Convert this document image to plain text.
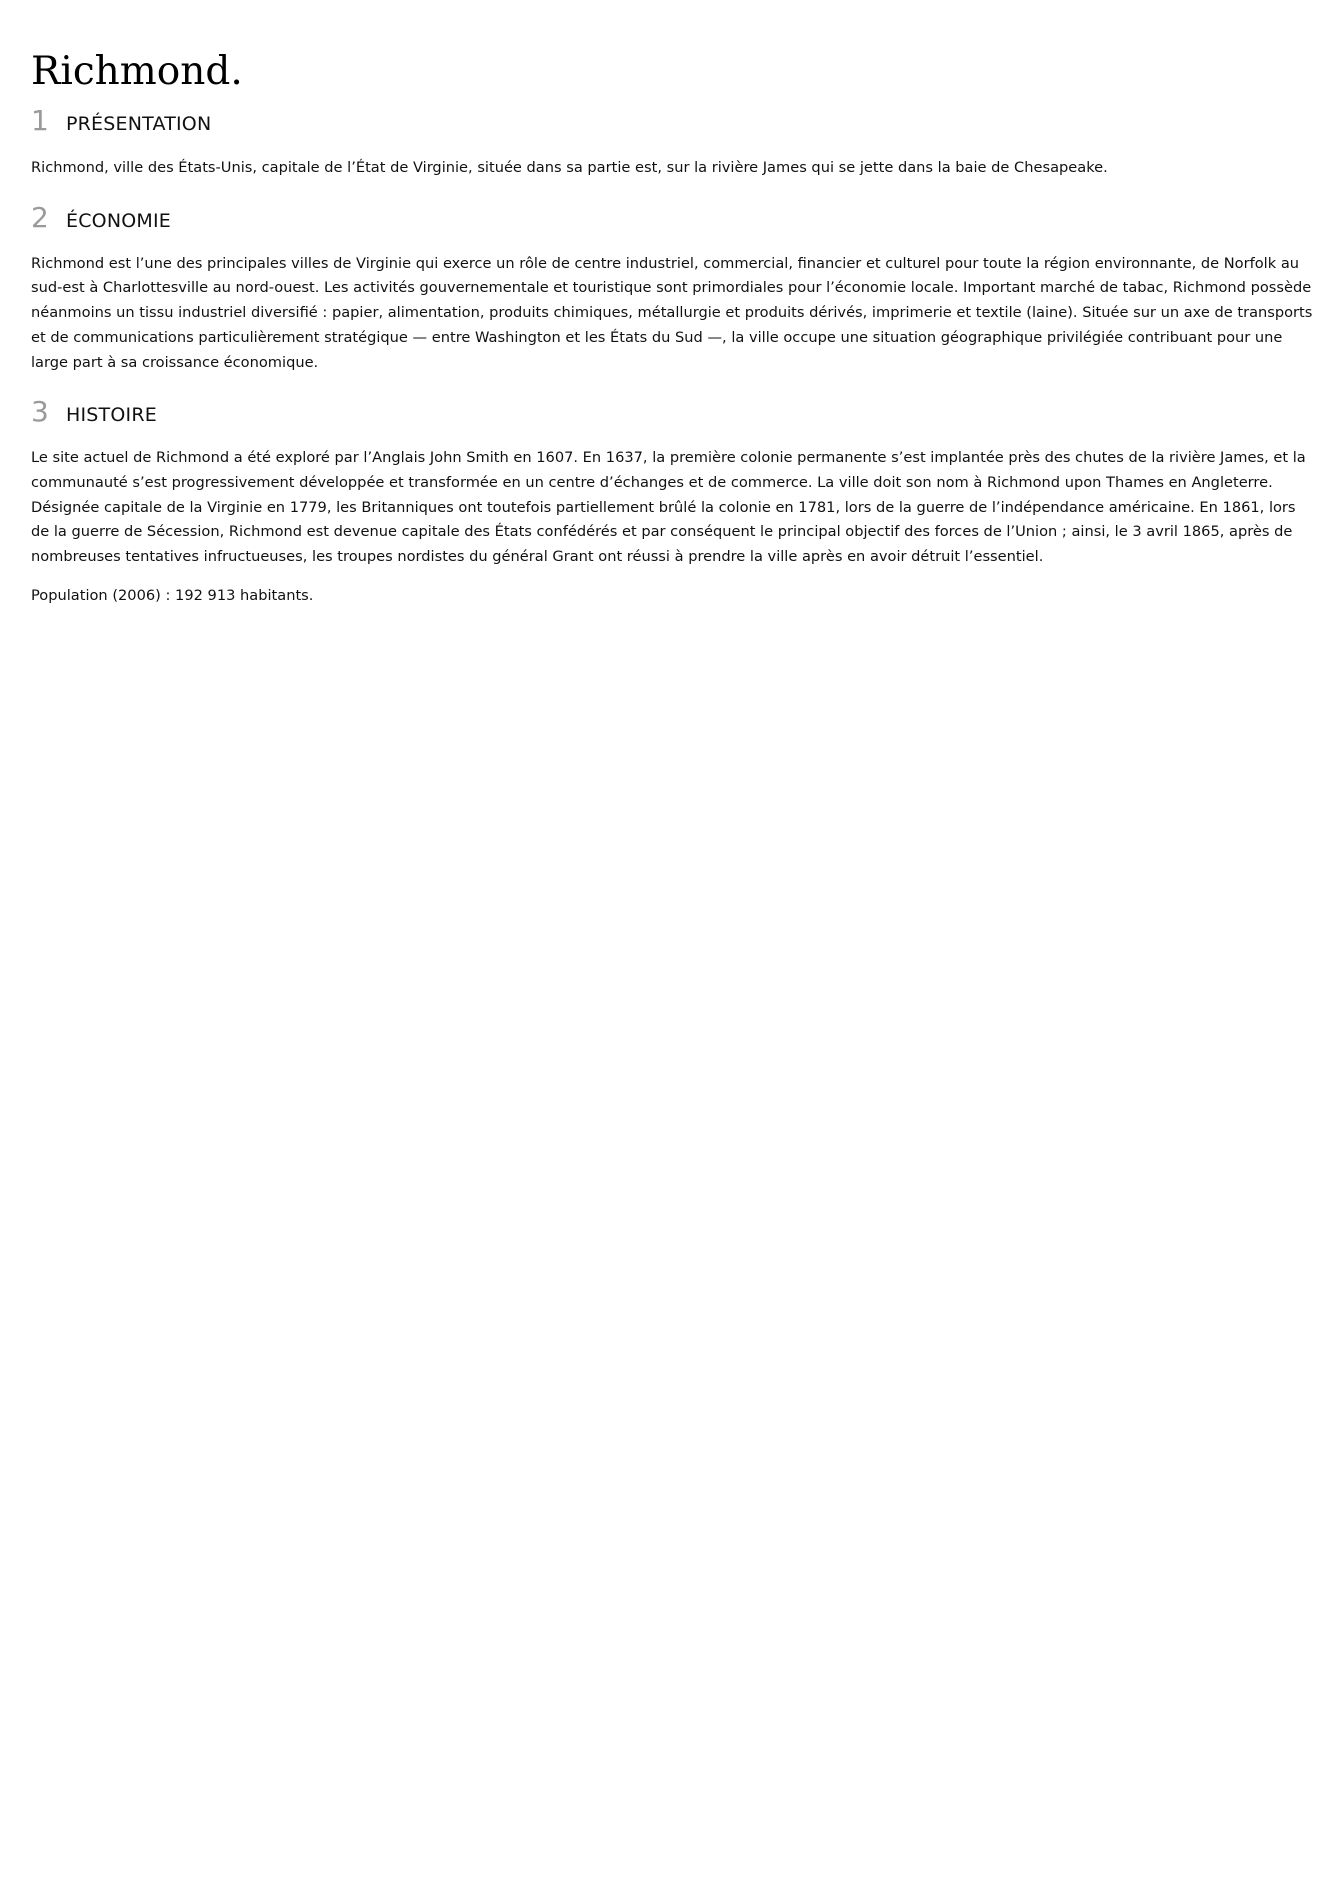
Richmond.
1 PRÉSENTATION

Richmond, ville des États-Unis, capitale de l’État de Virginie, située dans sa partie est, sur la rivière James qui se jette dans la baie de Chesapeake.

2 ÉCONOMIE

Richmond est l’une des principales villes de Virginie qui exerce un rôle de centre industriel, commercial, financier et culturel pour toute la région environnante, de Norfolk au sud-est à Charlottesville au nord-ouest. Les activités gouvernementale et touristique sont primordiales pour l’économie locale. Important marché de tabac, Richmond possède néanmoins un tissu industriel diversifié : papier, alimentation, produits chimiques, métallurgie et produits dérivés, imprimerie et textile (laine). Située sur un axe de transports et de communications particulièrement stratégique — entre Washington et les États du Sud —, la ville occupe une situation géographique privilégiée contribuant pour une large part à sa croissance économique.

3 HISTOIRE

Le site actuel de Richmond a été exploré par l’Anglais John Smith en 1607. En 1637, la première colonie permanente s’est implantée près des chutes de la rivière James, et la communauté s’est progressivement développée et transformée en un centre d’échanges et de commerce. La ville doit son nom à Richmond upon Thames en Angleterre. Désignée capitale de la Virginie en 1779, les Britanniques ont toutefois partiellement brûlé la colonie en 1781, lors de la guerre de l’indépendance américaine. En 1861, lors de la guerre de Sécession, Richmond est devenue capitale des États confédérés et par conséquent le principal objectif des forces de l’Union ; ainsi, le 3 avril 1865, après de nombreuses tentatives infructueuses, les troupes nordistes du général Grant ont réussi à prendre la ville après en avoir détruit l’essentiel.

Population (2006) : 192 913 habitants.
